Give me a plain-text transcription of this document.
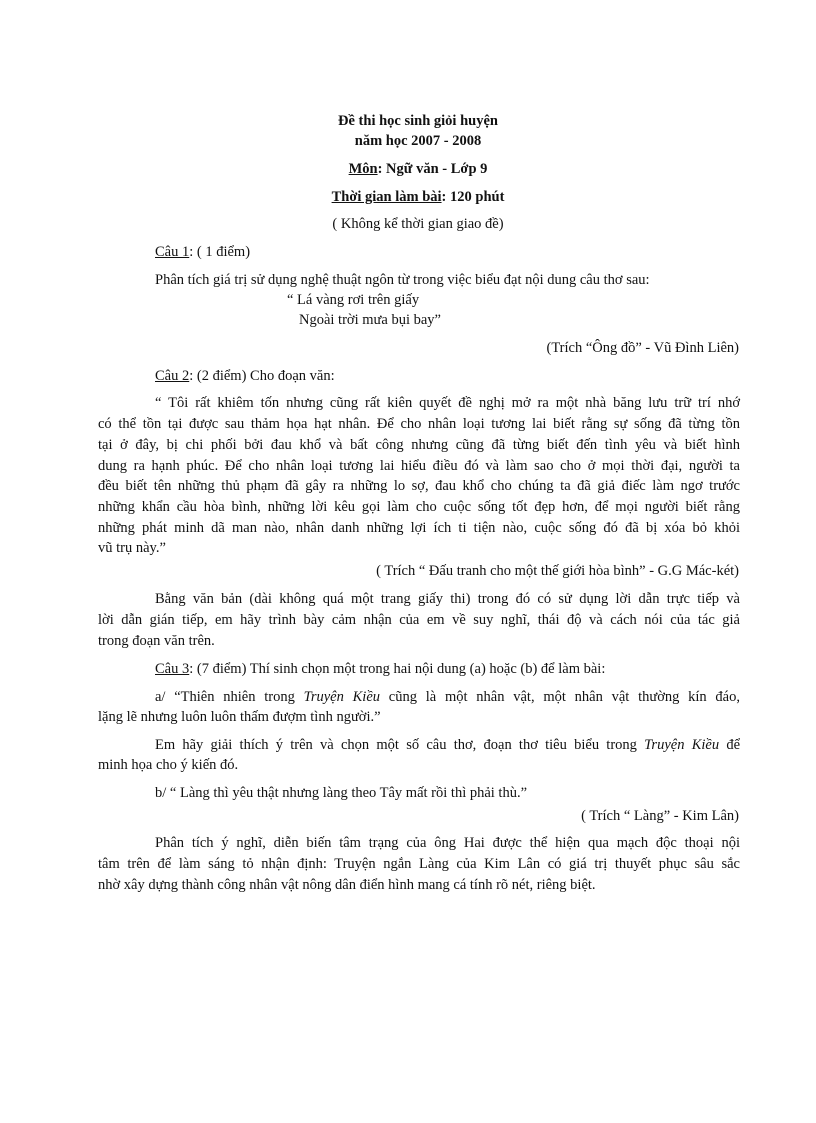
Đề thi học sinh giỏi huyện
năm học 2007 - 2008
Môn: Ngữ văn - Lớp 9
Thời gian làm bài: 120 phút
( Không kể thời gian giao đề)
Câu 1: ( 1 điểm)
Phân tích giá trị sử dụng nghệ thuật ngôn từ trong việc biểu đạt nội dung câu thơ sau:
“ Lá vàng rơi trên giấy
Ngoài trời mưa bụi bay”
(Trích “Ông đồ” - Vũ Đình Liên)
Câu 2: (2 điểm) Cho đoạn văn:
“ Tôi rất khiêm tốn nhưng cũng rất kiên quyết đề nghị mở ra một nhà băng lưu trữ trí nhớ
có thể tồn tại được sau thảm họa hạt nhân. Để cho nhân loại tương lai biết rằng sự sống đã từng tồn
tại ở đây, bị chi phối bởi đau khổ và bất công nhưng cũng đã từng biết đến tình yêu và biết hình
dung ra hạnh phúc. Để cho nhân loại tương lai hiểu điều đó và làm sao cho ở mọi thời đại, người ta
đều biết tên những thủ phạm đã gây ra những lo sợ, đau khổ cho chúng ta đã giả điếc làm ngơ trước
những khẩn cầu hòa bình, những lời kêu gọi làm cho cuộc sống tốt đẹp hơn, để mọi người biết rằng
những phát minh dã man nào, nhân danh những lợi ích ti tiện nào, cuộc sống đó đã bị xóa bỏ khỏi
vũ trụ này.”
( Trích “ Đấu tranh cho một thế giới hòa bình” - G.G Mác-két)
Bằng văn bản (dài không quá một trang giấy thi) trong đó có sử dụng lời dẫn trực tiếp và
lời dẫn gián tiếp, em hãy trình bày cảm nhận của em về suy nghĩ, thái độ và cách nói của tác giả
trong đoạn văn trên.
Câu 3: (7 điểm) Thí sinh chọn một trong hai nội dung (a) hoặc (b) để làm bài:
a/ “Thiên nhiên trong Truyện Kiều cũng là một nhân vật, một nhân vật thường kín đáo,
lặng lẽ nhưng luôn luôn thấm đượm tình người.”
Em hãy giải thích ý trên và chọn một số câu thơ, đoạn thơ tiêu biểu trong Truyện Kiều để
minh họa cho ý kiến đó.
b/ “ Làng thì yêu thật nhưng làng theo Tây mất rồi thì phải thù.”
( Trích “ Làng” - Kim Lân)
Phân tích ý nghĩ, diễn biến tâm trạng của ông Hai được thể hiện qua mạch độc thoại nội
tâm trên để làm sáng tỏ nhận định: Truyện ngắn Làng của Kim Lân có giá trị thuyết phục sâu sắc
nhờ xây dựng thành công nhân vật nông dân điển hình mang cá tính rõ nét, riêng biệt.
